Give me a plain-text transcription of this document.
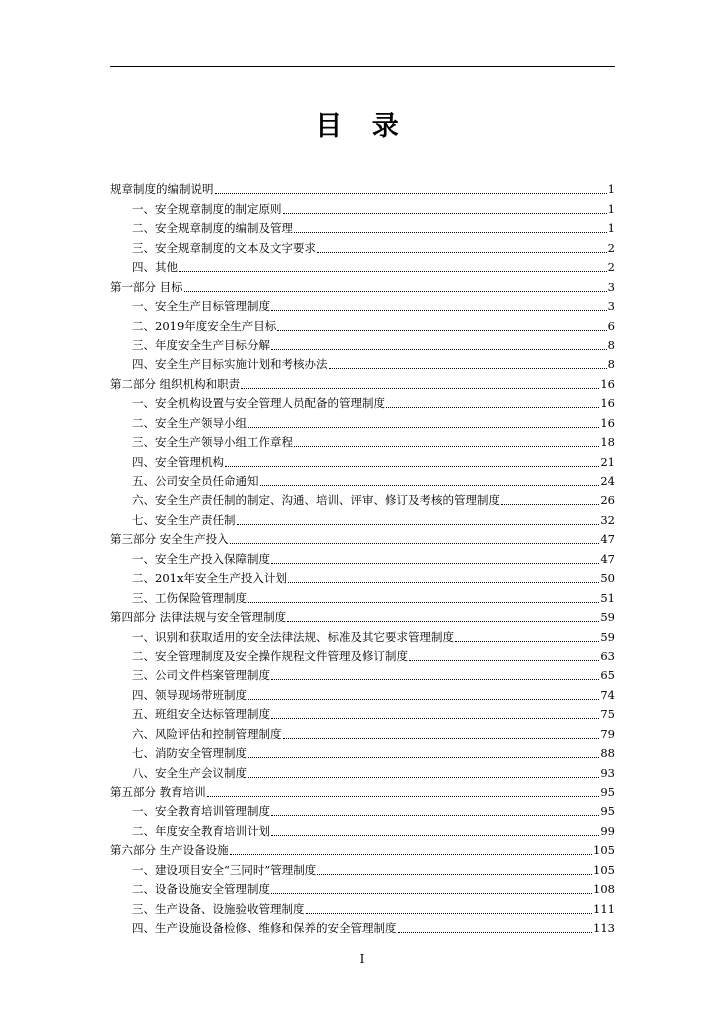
目 录
规章制度的编制说明	1
一、安全规章制度的制定原则	1
二、安全规章制度的编制及管理	1
三、安全规章制度的文本及文字要求	2
四、其他	2
第一部分 目标	3
一、安全生产目标管理制度	3
二、2019年度安全生产目标	6
三、年度安全生产目标分解	8
四、安全生产目标实施计划和考核办法	8
第二部分 组织机构和职责	16
一、安全机构设置与安全管理人员配备的管理制度	16
二、安全生产领导小组	16
三、安全生产领导小组工作章程	18
四、安全管理机构	21
五、公司安全员任命通知	24
六、安全生产责任制的制定、沟通、培训、评审、修订及考核的管理制度	26
七、安全生产责任制	32
第三部分 安全生产投入	47
一、安全生产投入保障制度	47
二、201x年安全生产投入计划	50
三、工伤保险管理制度	51
第四部分 法律法规与安全管理制度	59
一、识别和获取适用的安全法律法规、标准及其它要求管理制度	59
二、安全管理制度及安全操作规程文件管理及修订制度	63
三、公司文件档案管理制度	65
四、领导现场带班制度	74
五、班组安全达标管理制度	75
六、风险评估和控制管理制度	79
七、消防安全管理制度	88
八、安全生产会议制度	93
第五部分 教育培训	95
一、安全教育培训管理制度	95
二、年度安全教育培训计划	99
第六部分 生产设备设施	105
一、建设项目安全“三同时”管理制度	105
二、设备设施安全管理制度	108
三、生产设备、设施验收管理制度	111
四、生产设施设备检修、维修和保养的安全管理制度	113
I
